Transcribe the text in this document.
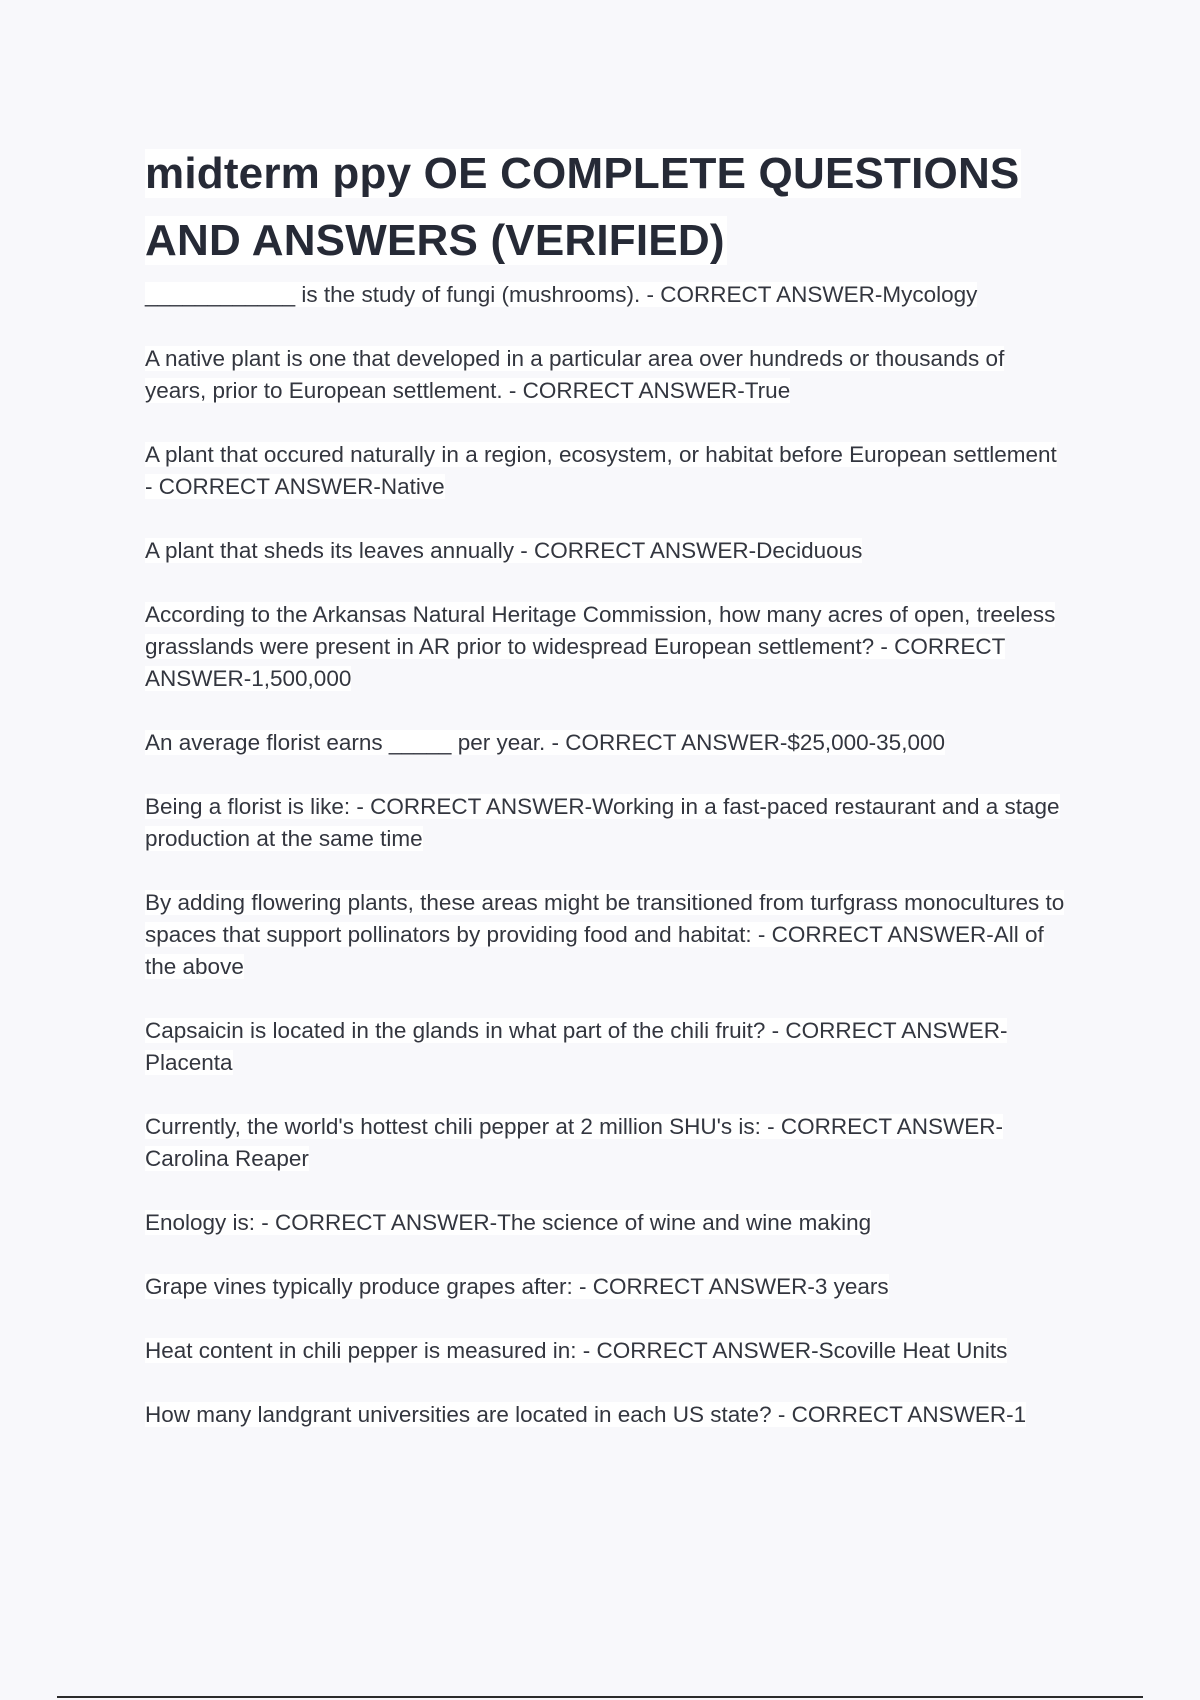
midterm ppy OE COMPLETE QUESTIONS AND ANSWERS (VERIFIED)
____________ is the study of fungi (mushrooms). - CORRECT ANSWER-Mycology
A native plant is one that developed in a particular area over hundreds or thousands of years, prior to European settlement. - CORRECT ANSWER-True
A plant that occured naturally in a region, ecosystem, or habitat before European settlement - CORRECT ANSWER-Native
A plant that sheds its leaves annually - CORRECT ANSWER-Deciduous
According to the Arkansas Natural Heritage Commission, how many acres of open, treeless grasslands were present in AR prior to widespread European settlement? - CORRECT ANSWER-1,500,000
An average florist earns _____ per year. - CORRECT ANSWER-$25,000-35,000
Being a florist is like: - CORRECT ANSWER-Working in a fast-paced restaurant and a stage production at the same time
By adding flowering plants, these areas might be transitioned from turfgrass monocultures to spaces that support pollinators by providing food and habitat: - CORRECT ANSWER-All of the above
Capsaicin is located in the glands in what part of the chili fruit? - CORRECT ANSWER-Placenta
Currently, the world's hottest chili pepper at 2 million SHU's is: - CORRECT ANSWER-Carolina Reaper
Enology is: - CORRECT ANSWER-The science of wine and wine making
Grape vines typically produce grapes after: - CORRECT ANSWER-3 years
Heat content in chili pepper is measured in: - CORRECT ANSWER-Scoville Heat Units
How many landgrant universities are located in each US state? - CORRECT ANSWER-1
